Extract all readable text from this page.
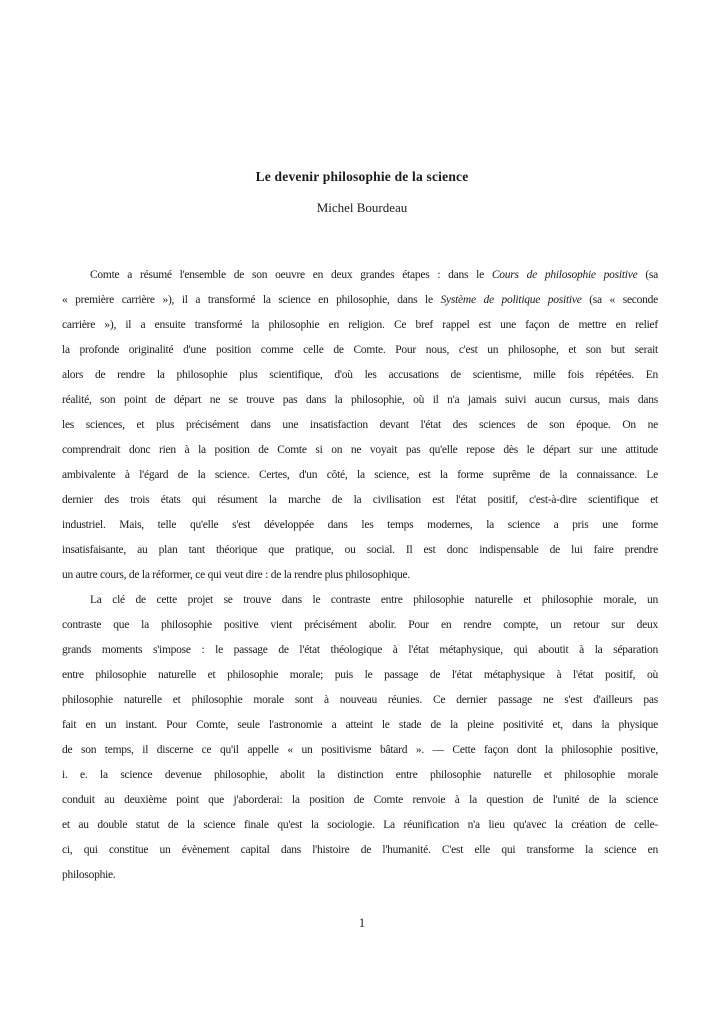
Le devenir philosophie de la science
Michel Bourdeau
Comte a résumé l'ensemble de son oeuvre en deux grandes étapes : dans le Cours de philosophie positive (sa
« première carrière »), il a transformé la science en philosophie, dans le Système de politique positive (sa « seconde
carrière »), il a ensuite transformé la philosophie en religion. Ce bref rappel est une façon de mettre en relief
la profonde originalité d'une position comme celle de Comte. Pour nous, c'est un philosophe, et son but serait
alors de rendre la philosophie plus scientifique, d'où les accusations de scientisme, mille fois répétées. En
réalité, son point de départ ne se trouve pas dans la philosophie, où il n'a jamais suivi aucun cursus, mais dans
les sciences, et plus précisément dans une insatisfaction devant l'état des sciences de son époque. On ne
comprendrait donc rien à la position de Comte si on ne voyait pas qu'elle repose dès le départ sur une attitude
ambivalente à l'égard de la science. Certes, d'un côté, la science, est la forme suprême de la connaissance. Le
dernier des trois états qui résument la marche de la civilisation est l'état positif, c'est-à-dire scientifique et
industriel. Mais, telle qu'elle s'est développée dans les temps modernes, la science a pris une forme
insatisfaisante, au plan tant théorique que pratique, ou social. Il est donc indispensable de lui faire prendre
un autre cours, de la réformer, ce qui veut dire : de la rendre plus philosophique.
La clé de cette projet se trouve dans le contraste entre philosophie naturelle et philosophie morale, un
contraste que la philosophie positive vient précisément abolir. Pour en rendre compte, un retour sur deux
grands moments s'impose : le passage de l'état théologique à l'état métaphysique, qui aboutit à la séparation
entre philosophie naturelle et philosophie morale; puis le passage de l'état métaphysique à l'état positif, où
philosophie naturelle et philosophie morale sont à nouveau réunies. Ce dernier passage ne s'est d'ailleurs pas
fait en un instant. Pour Comte, seule l'astronomie a atteint le stade de la pleine positivité et, dans la physique
de son temps, il discerne ce qu'il appelle « un positivisme bâtard ». — Cette façon dont la philosophie positive,
i. e. la science devenue philosophie, abolit la distinction entre philosophie naturelle et philosophie morale
conduit au deuxième point que j'aborderai: la position de Comte renvoie à la question de l'unité de la science
et au double statut de la science finale qu'est la sociologie. La réunification n'a lieu qu'avec la création de celle-
ci, qui constitue un évènement capital dans l'histoire de l'humanité. C'est elle qui transforme la science en
philosophie.
1
